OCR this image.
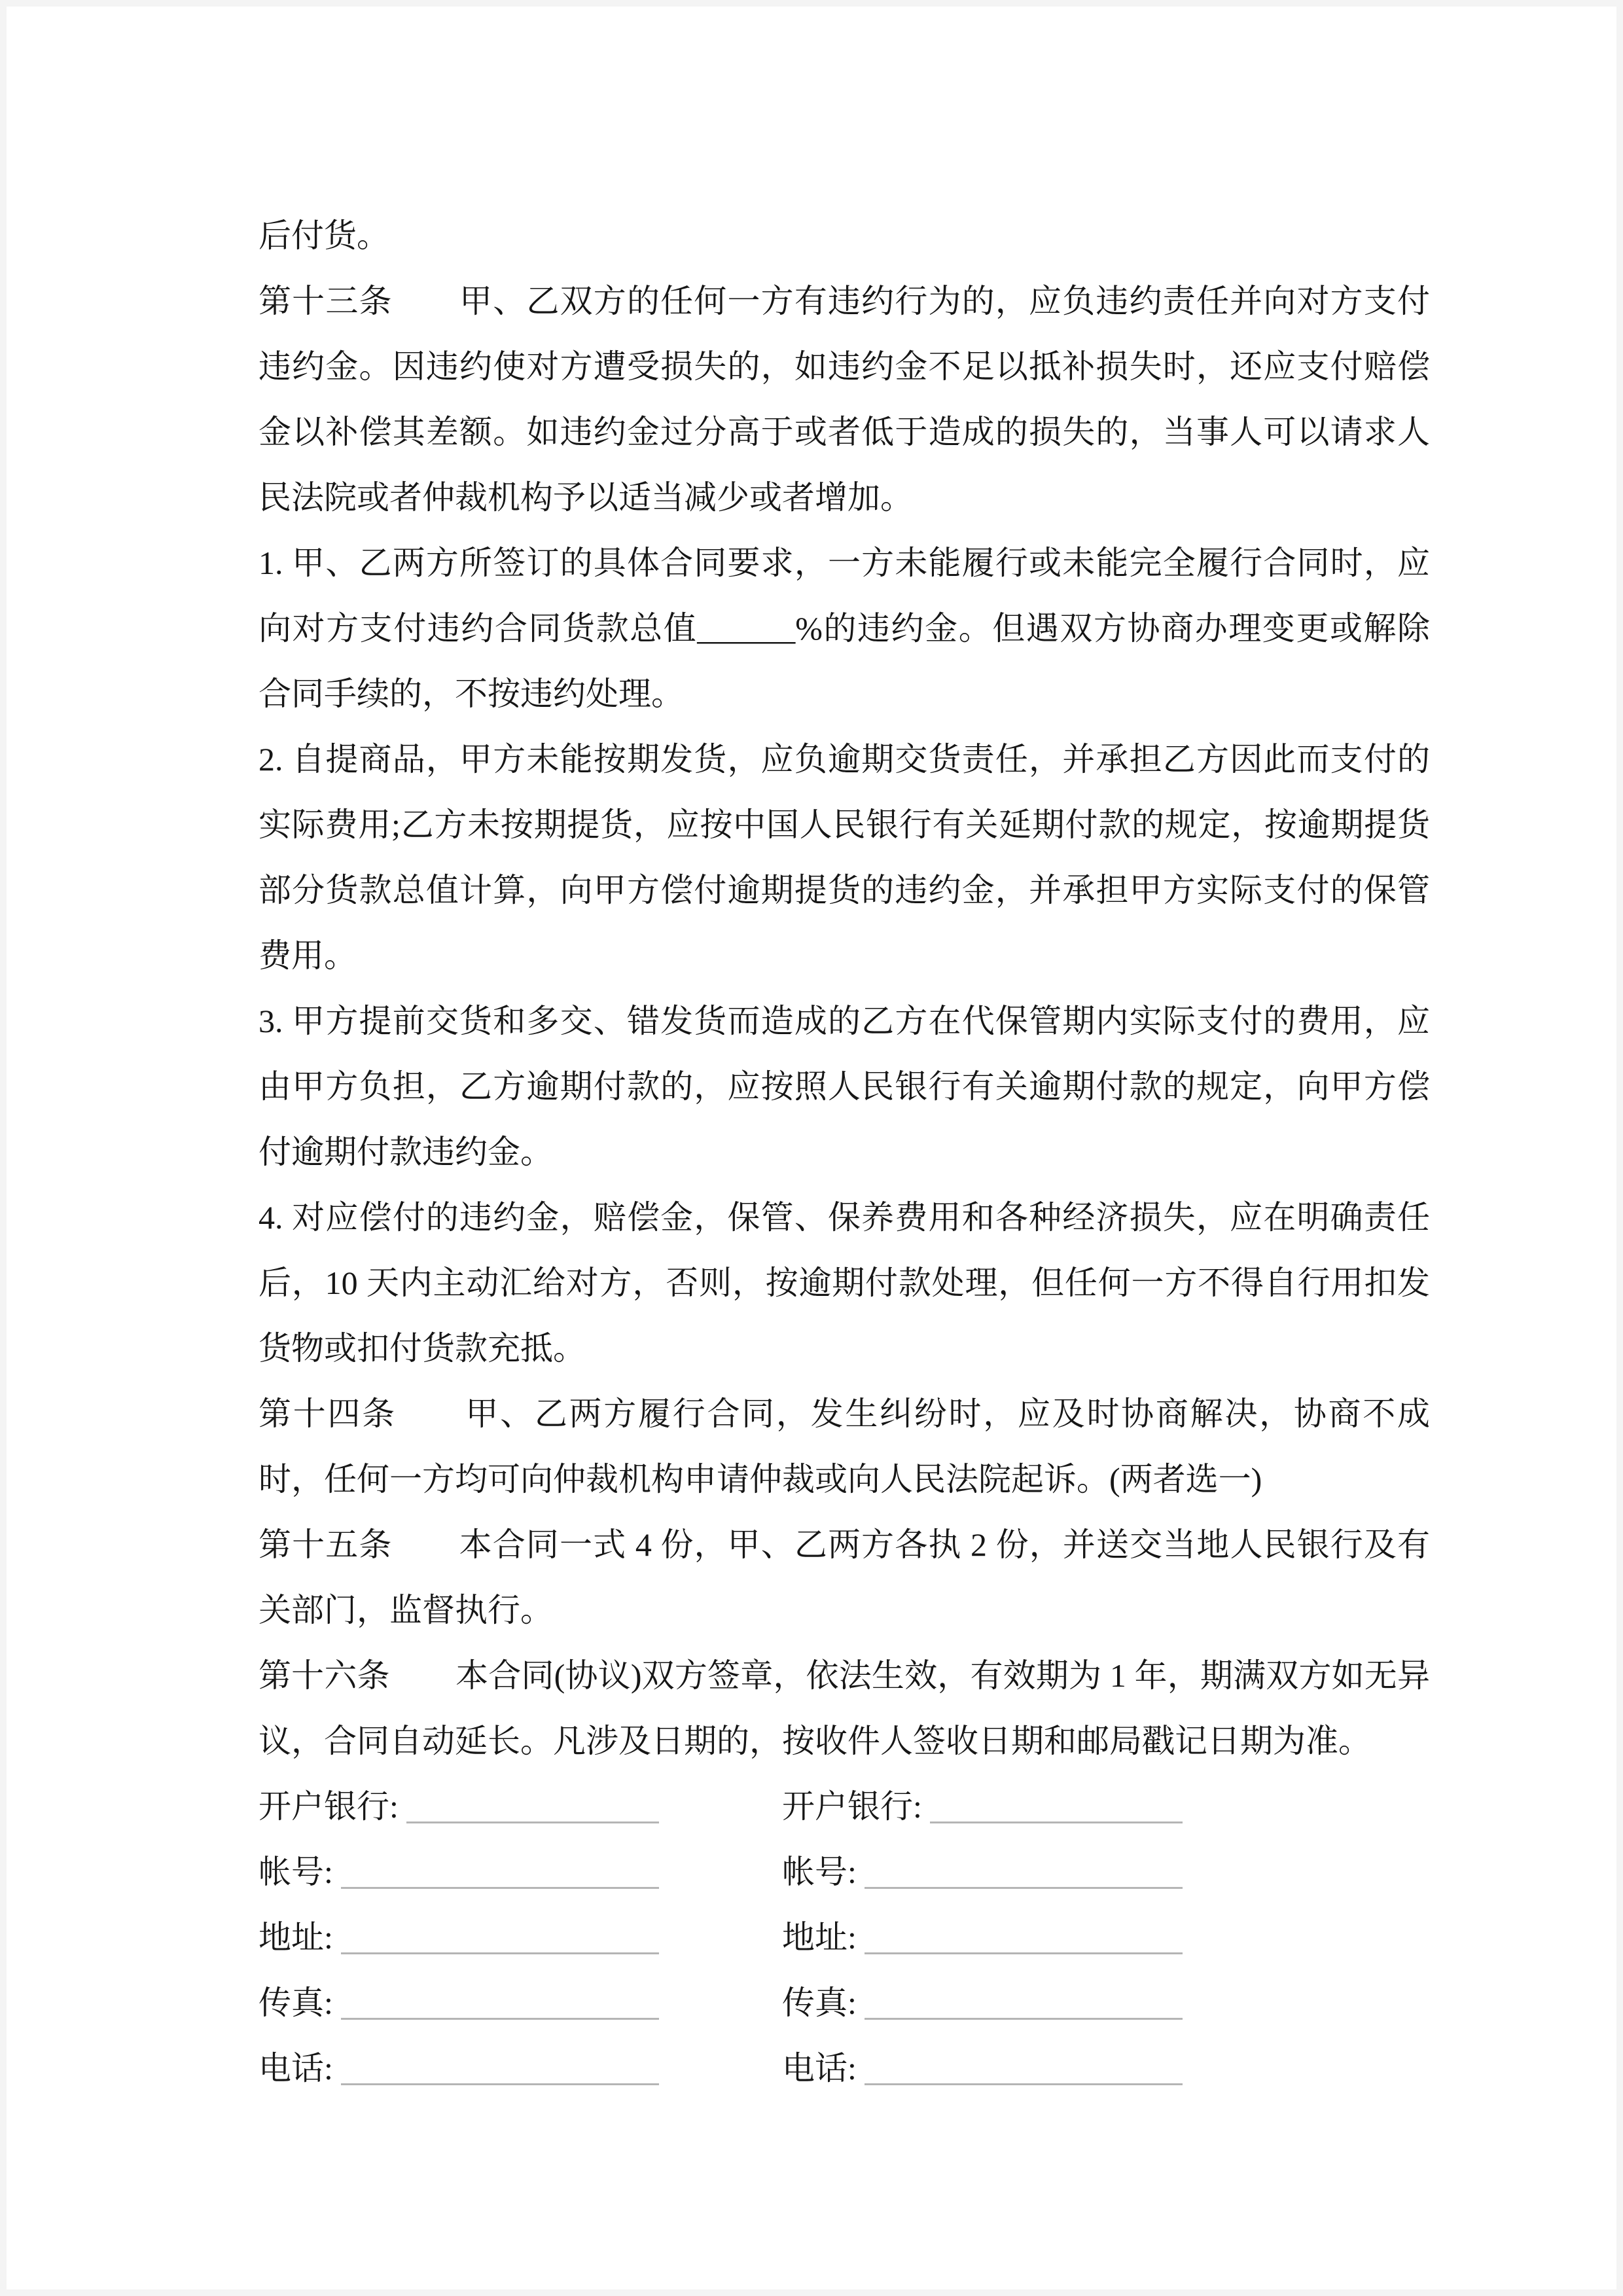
后付货。

第十三条　　甲、乙双方的任何一方有违约行为的，应负违约责任并向对方支付违约金。因违约使对方遭受损失的，如违约金不足以抵补损失时，还应支付赔偿金以补偿其差额。如违约金过分高于或者低于造成的损失的，当事人可以请求人民法院或者仲裁机构予以适当减少或者增加。

1. 甲、乙两方所签订的具体合同要求，一方未能履行或未能完全履行合同时，应向对方支付违约合同货款总值______%的违约金。但遇双方协商办理变更或解除合同手续的，不按违约处理。

2. 自提商品，甲方未能按期发货，应负逾期交货责任，并承担乙方因此而支付的实际费用;乙方未按期提货，应按中国人民银行有关延期付款的规定，按逾期提货部分货款总值计算，向甲方偿付逾期提货的违约金，并承担甲方实际支付的保管费用。

3. 甲方提前交货和多交、错发货而造成的乙方在代保管期内实际支付的费用，应由甲方负担，乙方逾期付款的，应按照人民银行有关逾期付款的规定，向甲方偿付逾期付款违约金。

4. 对应偿付的违约金，赔偿金，保管、保养费用和各种经济损失，应在明确责任后，10 天内主动汇给对方，否则，按逾期付款处理，但任何一方不得自行用扣发货物或扣付货款充抵。

第十四条　　甲、乙两方履行合同，发生纠纷时，应及时协商解决，协商不成时，任何一方均可向仲裁机构申请仲裁或向人民法院起诉。(两者选一)

第十五条　　本合同一式 4 份，甲、乙两方各执 2 份，并送交当地人民银行及有关部门，监督执行。

第十六条　　本合同(协议)双方签章，依法生效，有效期为 1 年，期满双方如无异议，合同自动延长。凡涉及日期的，按收件人签收日期和邮局戳记日期为准。

开户银行:
帐号:
地址:
传真:
电话:
开户银行:
帐号:
地址:
传真:
电话:
